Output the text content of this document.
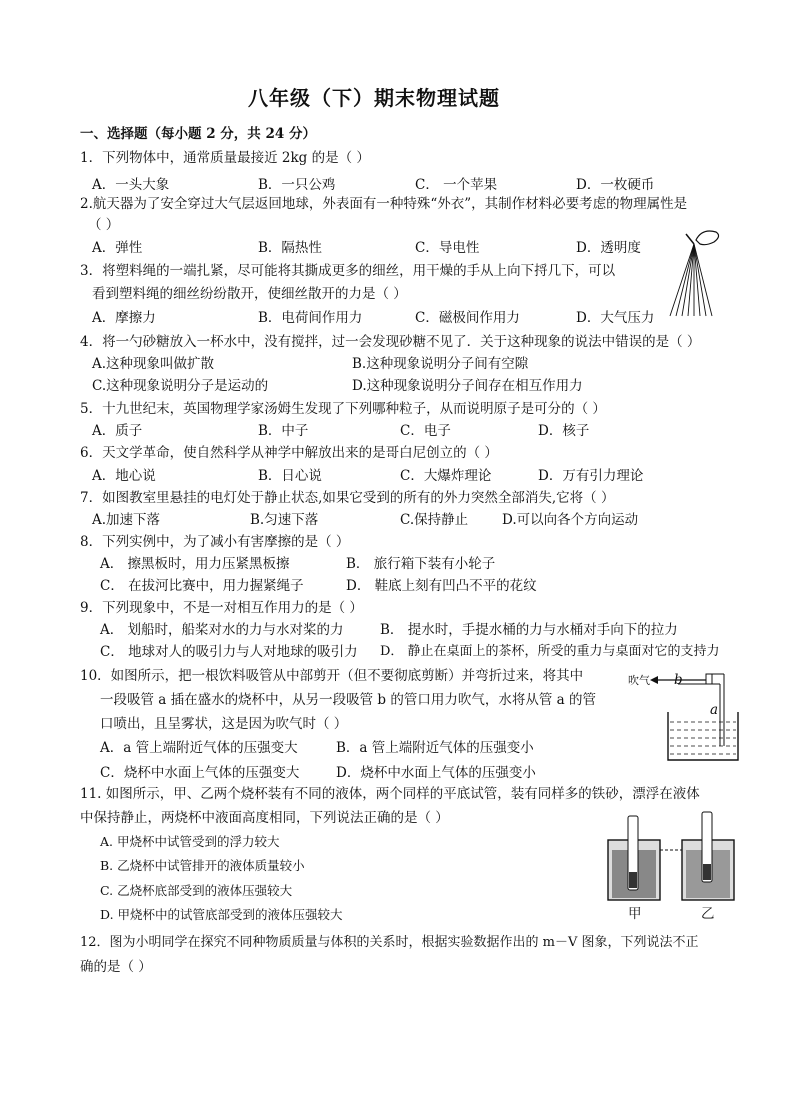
八年级（下）期末物理试题
一、选择题（每小题 2 分，共 24 分）
1．下列物体中，通常质量最接近 2kg 的是（ ）
A．一头大象	B．一只公鸡	C． 一个苹果	D．一枚硬币
2.航天器为了安全穿过大气层返回地球，外表面有一种特殊“外衣”，其制作材料必要考虑的物理属性是
（ ）
A．弹性	B．隔热性	C．导电性	D．透明度
3．将塑料绳的一端扎紧，尽可能将其撕成更多的细丝，用干燥的手从上向下捋几下，可以
看到塑料绳的细丝纷纷散开，使细丝散开的力是（ ）
A．摩擦力	B．电荷间作用力	C．磁极间作用力	D．大气压力
4．将一勺砂糖放入一杯水中，没有搅拌，过一会发现砂糖不见了．关于这种现象的说法中错误的是（ ）
A.这种现象叫做扩散	B.这种现象说明分子间有空隙
C.这种现象说明分子是运动的	D.这种现象说明分子间存在相互作用力
5．十九世纪末，英国物理学家汤姆生发现了下列哪种粒子，从而说明原子是可分的（ ）
A．质子	B．中子	C．电子	D．核子
6．天文学革命，使自然科学从神学中解放出来的是哥白尼创立的（ ）
A．地心说	B．日心说	C．大爆炸理论	D．万有引力理论
7．如图教室里悬挂的电灯处于静止状态,如果它受到的所有的外力突然全部消失,它将（ ）
A.加速下落	B.匀速下落	C.保持静止	D.可以向各个方向运动
8．下列实例中，为了减小有害摩擦的是（ ）
A． 擦黑板时，用力压紧黑板擦	B． 旅行箱下装有小轮子
C． 在拔河比赛中，用力握紧绳子	D． 鞋底上刻有凹凸不平的花纹
9．下列现象中，不是一对相互作用力的是（ ）
A． 划船时，船桨对水的力与水对桨的力	B． 提水时，手提水桶的力与水桶对手向下的拉力
C． 地球对人的吸引力与人对地球的吸引力 D． 静止在桌面上的茶杯，所受的重力与桌面对它的支持力
10．如图所示，把一根饮料吸管从中部剪开（但不要彻底剪断）并弯折过来，将其中
一段吸管 a 插在盛水的烧杯中，从另一段吸管 b 的管口用力吹气，水将从管 a 的管
口喷出，且呈雾状，这是因为吹气时（ ）
A．a 管上端附近气体的压强变大	B．a 管上端附近气体的压强变小
C．烧杯中水面上气体的压强变大	D．烧杯中水面上气体的压强变小
吹气 b
a
11. 如图所示，甲、乙两个烧杯装有不同的液体，两个同样的平底试管，装有同样多的铁砂，漂浮在液体
中保持静止，两烧杯中液面高度相同，下列说法正确的是（ ）
A. 甲烧杯中试管受到的浮力较大
B. 乙烧杯中试管排开的液体质量较小
C. 乙烧杯底部受到的液体压强较大
D. 甲烧杯中的试管底部受到的液体压强较大	甲	乙
12．图为小明同学在探究不同种物质质量与体积的关系时，根据实验数据作出的 m－V 图象，下列说法不正
确的是（ ）
